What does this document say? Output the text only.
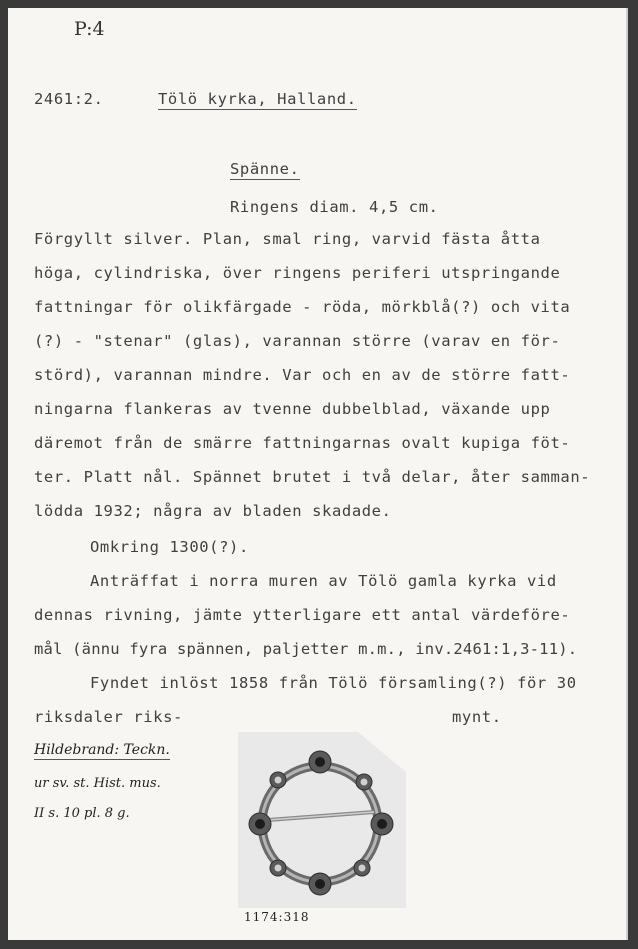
P:4
2461:2.	Tölö kyrka, Halland.
Spänne.
Ringens diam. 4,5 cm.
Förgyllt silver. Plan, smal ring, varvid fästa åtta
höga, cylindriska, över ringens periferi utspringande
fattningar för olikfärgade - röda, mörkblå(?) och vita
(?) - "stenar" (glas), varannan större (varav en för-
störd), varannan mindre. Var och en av de större fatt-
ningarna flankeras av tvenne dubbelblad, växande upp
däremot från de smärre fattningarnas ovalt kupiga föt-
ter. Platt nål. Spännet brutet i två delar, åter samman-
lödda 1932; några av bladen skadade.
Omkring 1300(?).
Anträffat i norra muren av Tölö gamla kyrka vid
dennas rivning, jämte ytterligare ett antal värdeföre-
mål (ännu fyra spännen, paljetter m.m., inv.2461:1,3-11).
Fyndet inlöst 1858 från Tölö församling(?) för 30
riksdaler riks-	mynt.
Hildebrand: Teckn.
ur sv. st. Hist. mus.
II s. 10 pl. 8 g.
1174:318
